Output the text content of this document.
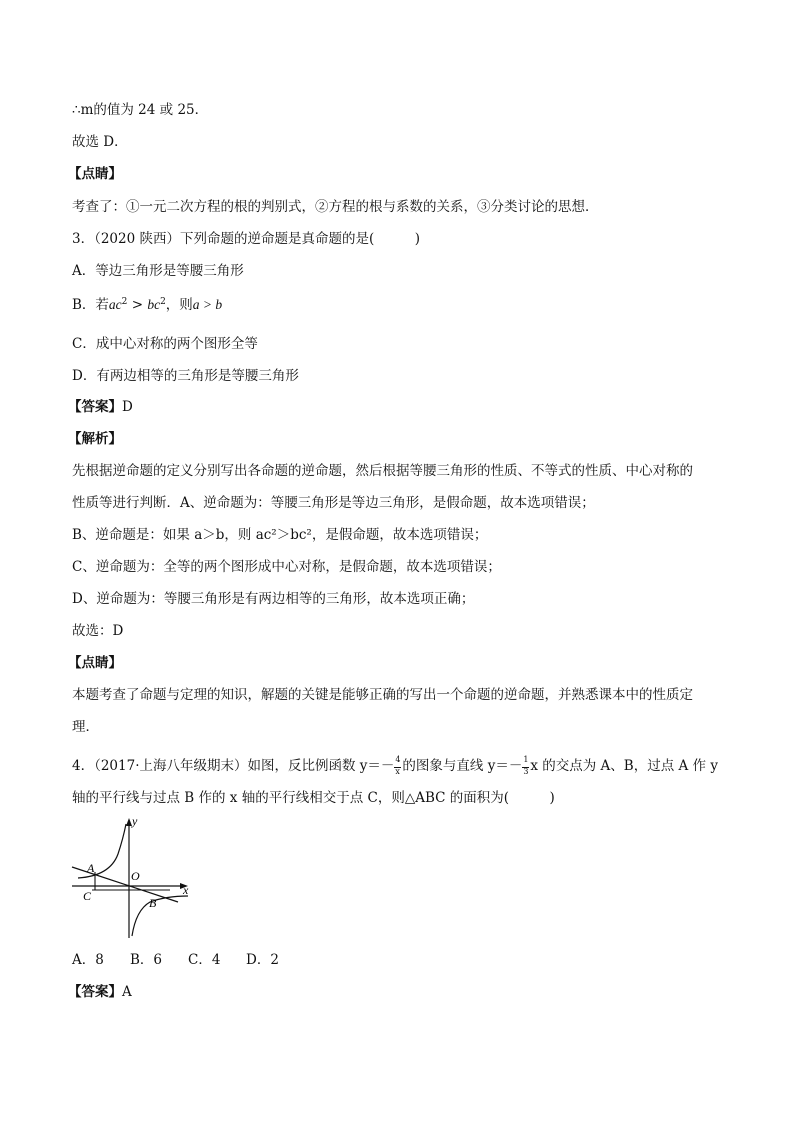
∴m的值为 24 或 25．
故选 D．
【点睛】
考查了：①一元二次方程的根的判别式，②方程的根与系数的关系，③分类讨论的思想．
3．（2020 陕西）下列命题的逆命题是真命题的是(　　　)
A．等边三角形是等腰三角形
B．若$ac^2 > bc^2$，则a > b
C．成中心对称的两个图形全等
D．有两边相等的三角形是等腰三角形
【答案】D
【解析】
先根据逆命题的定义分别写出各命题的逆命题，然后根据等腰三角形的性质、不等式的性质、中心对称的
性质等进行判断．A、逆命题为：等腰三角形是等边三角形，是假命题，故本选项错误；
B、逆命题是：如果 a＞b，则 ac²＞bc²，是假命题，故本选项错误；
C、逆命题为：全等的两个图形成中心对称，是假命题，故本选项错误；
D、逆命题为：等腰三角形是有两边相等的三角形，故本选项正确；
故选：D
【点睛】
本题考查了命题与定理的知识，解题的关键是能够正确的写出一个命题的逆命题，并熟悉课本中的性质定
理．
4．（2017·上海八年级期末）如图，反比例函数 $y=- \frac{4}{x}$ 的图象与直线 $y=- \frac{1}{3}$ x 的交点为 A、B，过点 A 作 y
轴的平行线与过点 B 作的 x 轴的平行线相交于点 C，则△ABC 的面积为(　　　)
y
x
O
A
B
C
A．8 B．6 C．4 D．2
【答案】A
